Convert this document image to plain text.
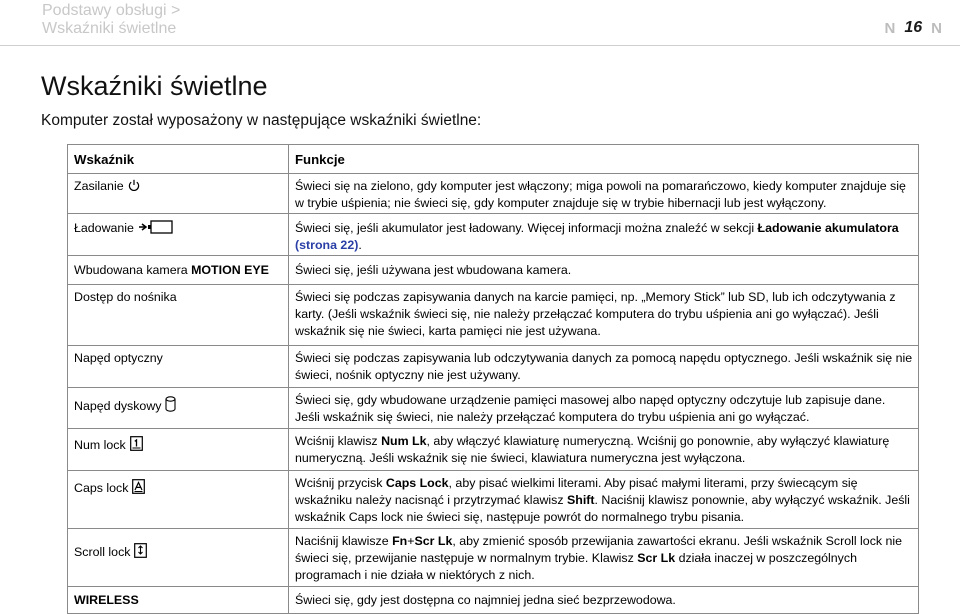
Podstawy obsługi >
Wskaźniki świetlne	N 16 N
Wskaźniki świetlne

Komputer został wyposażony w następujące wskaźniki świetlne:

Wskaźnik	Funkcje
Zasilanie	Świeci się na zielono, gdy komputer jest włączony; miga powoli na pomarańczowo, kiedy komputer znajduje się w trybie uśpienia; nie świeci się, gdy komputer znajduje się w trybie hibernacji lub jest wyłączony.
Ładowanie	Świeci się, jeśli akumulator jest ładowany. Więcej informacji można znaleźć w sekcji Ładowanie akumulatora (strona 22).
Wbudowana kamera MOTION EYE	Świeci się, jeśli używana jest wbudowana kamera.
Dostęp do nośnika	Świeci się podczas zapisywania danych na karcie pamięci, np. „Memory Stick” lub SD, lub ich odczytywania z karty. (Jeśli wskaźnik świeci się, nie należy przełączać komputera do trybu uśpienia ani go wyłączać). Jeśli wskaźnik się nie świeci, karta pamięci nie jest używana.
Napęd optyczny	Świeci się podczas zapisywania lub odczytywania danych za pomocą napędu optycznego. Jeśli wskaźnik się nie świeci, nośnik optyczny nie jest używany.
Napęd dyskowy	Świeci się, gdy wbudowane urządzenie pamięci masowej albo napęd optyczny odczytuje lub zapisuje dane. Jeśli wskaźnik się świeci, nie należy przełączać komputera do trybu uśpienia ani go wyłączać.
Num lock	Wciśnij klawisz Num Lk, aby włączyć klawiaturę numeryczną. Wciśnij go ponownie, aby wyłączyć klawiaturę numeryczną. Jeśli wskaźnik się nie świeci, klawiatura numeryczna jest wyłączona.
Caps lock	Wciśnij przycisk Caps Lock, aby pisać wielkimi literami. Aby pisać małymi literami, przy świecącym się wskaźniku należy nacisnąć i przytrzymać klawisz Shift. Naciśnij klawisz ponownie, aby wyłączyć wskaźnik. Jeśli wskaźnik Caps lock nie świeci się, następuje powrót do normalnego trybu pisania.
Scroll lock	Naciśnij klawisze Fn+Scr Lk, aby zmienić sposób przewijania zawartości ekranu. Jeśli wskaźnik Scroll lock nie świeci się, przewijanie następuje w normalnym trybie. Klawisz Scr Lk działa inaczej w poszczególnych programach i nie działa w niektórych z nich.
WIRELESS	Świeci się, gdy jest dostępna co najmniej jedna sieć bezprzewodowa.
